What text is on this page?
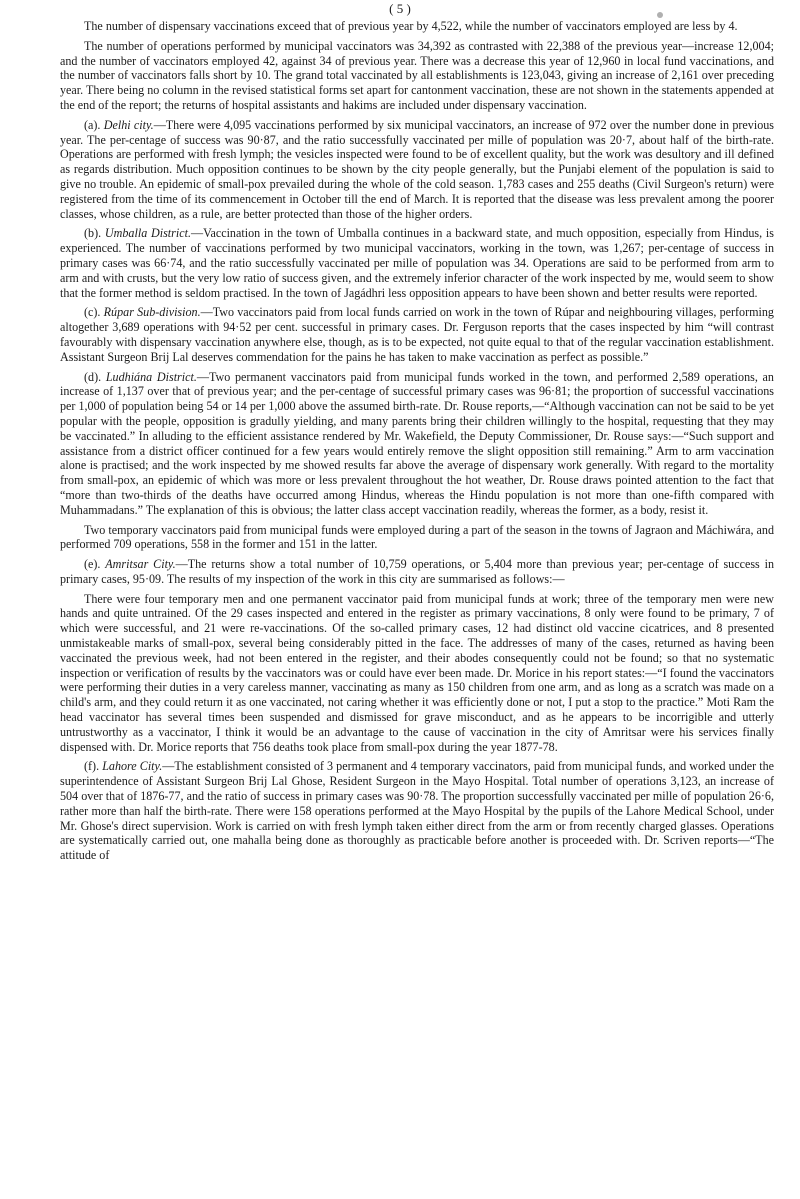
( 5 )

The number of dispensary vaccinations exceed that of previous year by 4,522, while the number of vaccinators employed are less by 4.

The number of operations performed by municipal vaccinators was 34,392 as contrasted with 22,388 of the previous year—increase 12,004; and the number of vaccinators employed 42, against 34 of previous year. There was a decrease this year of 12,960 in local fund vaccinations, and the number of vaccinators falls short by 10. The grand total vaccinated by all establishments is 123,043, giving an increase of 2,161 over preceding year. There being no column in the revised statistical forms set apart for cantonment vaccination, these are not shown in the statements appended at the end of the report; the returns of hospital assistants and hakims are included under dispensary vaccination.

(a). Delhi city.—There were 4,095 vaccinations performed by six municipal vaccinators, an increase of 972 over the number done in previous year. The per-centage of success was 90·87, and the ratio successfully vaccinated per mille of population was 20·7, about half of the birth-rate. Operations are performed with fresh lymph; the vesicles inspected were found to be of excellent quality, but the work was desultory and ill defined as regards distribution. Much opposition continues to be shown by the city people generally, but the Punjabi element of the population is said to give no trouble. An epidemic of small-pox prevailed during the whole of the cold season. 1,783 cases and 255 deaths (Civil Surgeon's return) were registered from the time of its commencement in October till the end of March. It is reported that the disease was less prevalent among the poorer classes, whose children, as a rule, are better protected than those of the higher orders.

(b). Umballa District.—Vaccination in the town of Umballa continues in a backward state, and much opposition, especially from Hindus, is experienced. The number of vaccinations performed by two municipal vaccinators, working in the town, was 1,267; per-centage of success in primary cases was 66·74, and the ratio successfully vaccinated per mille of population was 34. Operations are said to be performed from arm to arm and with crusts, but the very low ratio of success given, and the extremely inferior character of the work inspected by me, would seem to show that the former method is seldom practised. In the town of Jagádhri less opposition appears to have been shown and better results were reported.

(c). Rúpar Sub-division.—Two vaccinators paid from local funds carried on work in the town of Rúpar and neighbouring villages, performing altogether 3,689 operations with 94·52 per cent. successful in primary cases. Dr. Ferguson reports that the cases inspected by him “will contrast favourably with dispensary vaccination anywhere else, though, as is to be expected, not quite equal to that of the regular vaccination establishment. Assistant Surgeon Brij Lal deserves commendation for the pains he has taken to make vaccination as perfect as possible.”

(d). Ludhiána District.—Two permanent vaccinators paid from municipal funds worked in the town, and performed 2,589 operations, an increase of 1,137 over that of previous year; and the per-centage of successful primary cases was 96·81; the proportion of successful vaccinations per 1,000 of population being 54 or 14 per 1,000 above the assumed birth-rate. Dr. Rouse reports,—“Although vaccination can not be said to be yet popular with the people, opposition is gradully yielding, and many parents bring their children willingly to the hospital, requesting that they may be vaccinated.” In alluding to the efficient assistance rendered by Mr. Wakefield, the Deputy Commissioner, Dr. Rouse says:—“Such support and assistance from a district officer continued for a few years would entirely remove the slight opposition still remaining.” Arm to arm vaccination alone is practised; and the work inspected by me showed results far above the average of dispensary work generally. With regard to the mortality from small-pox, an epidemic of which was more or less prevalent throughout the hot weather, Dr. Rouse draws pointed attention to the fact that “more than two-thirds of the deaths have occurred among Hindus, whereas the Hindu population is not more than one-fifth compared with Muhammadans.” The explanation of this is obvious; the latter class accept vaccination readily, whereas the former, as a body, resist it.

Two temporary vaccinators paid from municipal funds were employed during a part of the season in the towns of Jagraon and Máchiwára, and performed 709 operations, 558 in the former and 151 in the latter.

(e). Amritsar City.—The returns show a total number of 10,759 operations, or 5,404 more than previous year; per-centage of success in primary cases, 95·09. The results of my inspection of the work in this city are summarised as follows:—

There were four temporary men and one permanent vaccinator paid from municipal funds at work; three of the temporary men were new hands and quite untrained. Of the 29 cases inspected and entered in the register as primary vaccinations, 8 only were found to be primary, 7 of which were successful, and 21 were re-vaccinations. Of the so-called primary cases, 12 had distinct old vaccine cicatrices, and 8 presented unmistakeable marks of small-pox, several being considerably pitted in the face. The addresses of many of the cases, returned as having been vaccinated the previous week, had not been entered in the register, and their abodes consequently could not be found; so that no systematic inspection or verification of results by the vaccinators was or could have ever been made. Dr. Morice in his report states:—“I found the vaccinators were performing their duties in a very careless manner, vaccinating as many as 150 children from one arm, and as long as a scratch was made on a child's arm, and they could return it as one vaccinated, not caring whether it was efficiently done or not, I put a stop to the practice.” Moti Ram the head vaccinator has several times been suspended and dismissed for grave misconduct, and as he appears to be incorrigible and utterly untrustworthy as a vaccinator, I think it would be an advantage to the cause of vaccination in the city of Amritsar were his services finally dispensed with. Dr. Morice reports that 756 deaths took place from small-pox during the year 1877-78.

(f). Lahore City.—The establishment consisted of 3 permanent and 4 temporary vaccinators, paid from municipal funds, and worked under the superintendence of Assistant Surgeon Brij Lal Ghose, Resident Surgeon in the Mayo Hospital. Total number of operations 3,123, an increase of 504 over that of 1876-77, and the ratio of success in primary cases was 90·78. The proportion successfully vaccinated per mille of population 26·6, rather more than half the birth-rate. There were 158 operations performed at the Mayo Hospital by the pupils of the Lahore Medical School, under Mr. Ghose's direct supervision. Work is carried on with fresh lymph taken either direct from the arm or from recently charged glasses. Operations are systematically carried out, one mahalla being done as thoroughly as practicable before another is proceeded with. Dr. Scriven reports—“The attitude of
